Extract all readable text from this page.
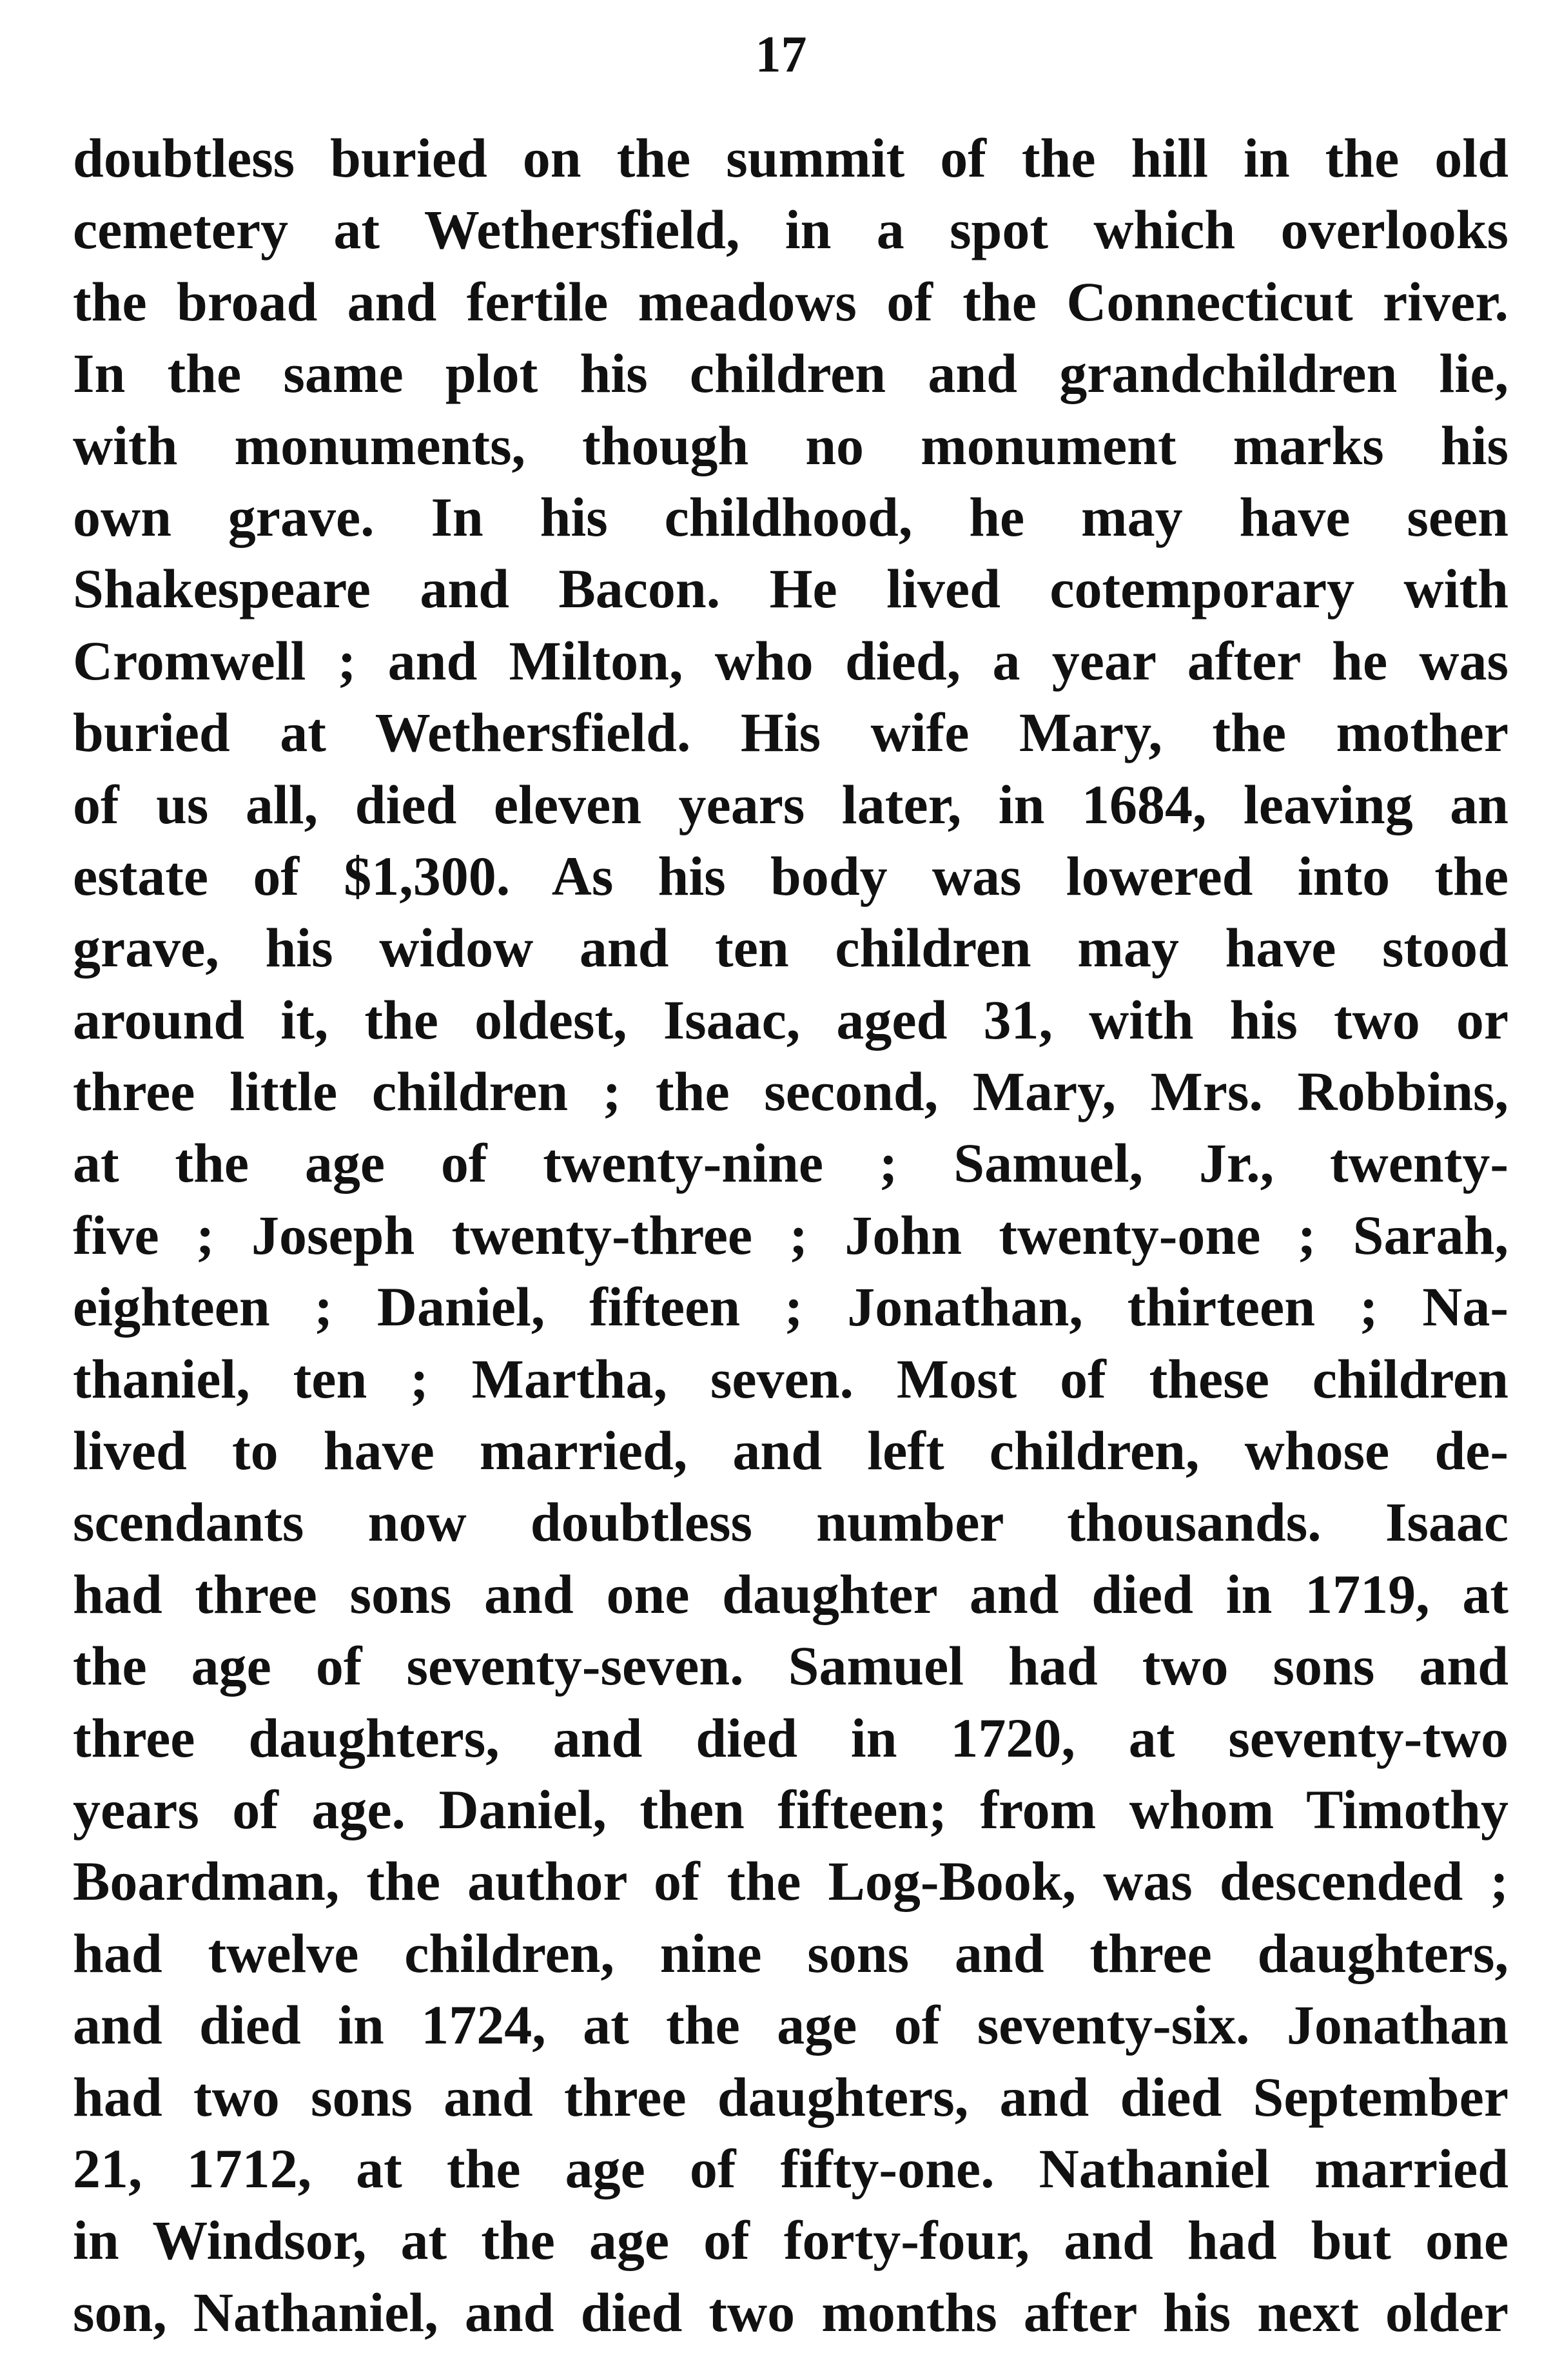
17
doubtless buried on the summit of the hill in the old
cemetery at Wethersfield, in a spot which overlooks
the broad and fertile meadows of the Connecticut river.
In the same plot his children and grandchildren lie,
with monuments, though no monument marks his
own grave. In his childhood, he may have seen
Shakespeare and Bacon. He lived cotemporary with
Cromwell ; and Milton, who died, a year after he was
buried at Wethersfield. His wife Mary, the mother
of us all, died eleven years later, in 1684, leaving an
estate of $1,300. As his body was lowered into the
grave, his widow and ten children may have stood
around it, the oldest, Isaac, aged 31, with his two or
three little children ; the second, Mary, Mrs. Robbins,
at the age of twenty-nine ; Samuel, Jr., twenty-
five ; Joseph twenty-three ; John twenty-one ; Sarah,
eighteen ; Daniel, fifteen ; Jonathan, thirteen ; Na-
thaniel, ten ; Martha, seven. Most of these children
lived to have married, and left children, whose de-
scendants now doubtless number thousands. Isaac
had three sons and one daughter and died in 1719, at
the age of seventy-seven. Samuel had two sons and
three daughters, and died in 1720, at seventy-two
years of age. Daniel, then fifteen; from whom Timothy
Boardman, the author of the Log-Book, was descended ;
had twelve children, nine sons and three daughters,
and died in 1724, at the age of seventy-six. Jonathan
had two sons and three daughters, and died September
21, 1712, at the age of fifty-one. Nathaniel married
in Windsor, at the age of forty-four, and had but one
son, Nathaniel, and died two months after his next older
